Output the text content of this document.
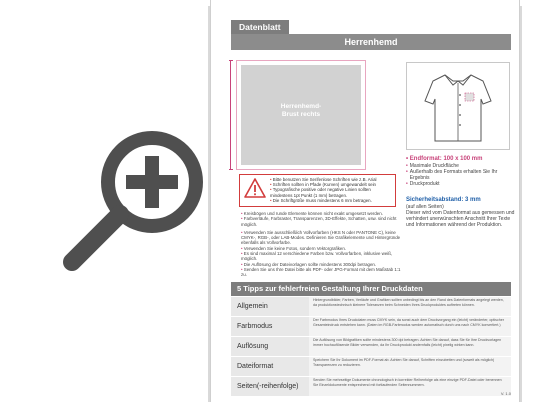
Datenblatt
Herrenhemd
Herrenhemd-
Brust rechts
• Endformat: 100 x 100 mm
• Maximale Druckfläche
• Außerhalb des Formats erhalten Sie Ihr Ergebnis
• Druckprodukt
Sicherheitsabstand: 3 mm
(auf allen Seiten)
Dieser wird vom Datenformat aus gemessen und verhindert unerwünschten Anschnitt Ihrer Texte und Informationen während der Produktion.
• Bitte benutzen Sie Serifenlose Schriften wie z.B. Arial
• Schriften sollten in Pfade (Kurven) umgewandelt sein
• Typografische positive oder negative Linien sollten mindestens 1pt Punkt (1 mm) betragen.
• Die Schriftgröße muss mindestens 6 mm betragen.
• Kreisbögen und runde Elemente können nicht exakt umgesetzt werden.
• Farbverläufe, Farbraster, Transparenzen, 3D-Effekte, Schatten, usw. sind nicht möglich.
• Verwenden Sie ausschließlich Vollvorfarben (HKS N oder PANTONE C), keine CMYK-, RGB-, oder LAB-Modes. Definieren Sie Grafikelemente und Hintergründe ebenfalls als Vollvorfarbe.
• Verwenden Sie keine Fotos, sondern Vektorgrafiken.
• Es sind maximal 12 verschiedene Farben bzw. Vollvorfarben, inklusive weiß, möglich.
• Die Auflösung der Dateivorlagen sollte mindestens 300dpi betragen.
• Senden Sie uns Ihre Datei bitte als PDF- oder JPG-Format mit dem Maßstab 1:1 zu.
5 Tipps zur fehlerfreien Gestaltung Ihrer Druckdaten
Allgemein
Hintergrundbilder, Farben, Verläufe und Grafiken sollten unbedingt bis an den Rand des Datenformats angelegt werden, da produktionstechnisch kleinere Toleranzen beim Schneiden Ihres Druckproduktes auftreten können.
Farbmodus
Der Farbmodus Ihres Druckdaten muss CMYK sein, da sonst auch dem Druckvorgang ein (leicht) veränderter, optischer Gesamteindruck entstehen kann. (Daten im RGB-Farbmodus werden automatisch durch uns nach CMYK konvertiert.)
Auflösung
Die Auflösung von Bildgrafiken sollte mindestens 300 dpi betragen. Achten Sie darauf, dass Sie für Ihre Druckvorlagen immer hochauflösende Bilder verwenden, da Ihr Druckprodukt andernfalls (leicht) pixelig wirken kann.
Dateiformat
Speichern Sie Ihr Dokument im PDF-Format ab. Achten Sie darauf, Schriften einzubetten und (soweit als möglich) Transparenzen zu reduzieren.
Seiten(-reihenfolge)
Senden Sie mehrseitige Dokumente chronologisch in korrekter Reihenfolge als eine einzige PDF-Datei oder benennen Sie Einzeldokumente entsprechend mit fortlaufenden Seitennummern.
V. 1.0
